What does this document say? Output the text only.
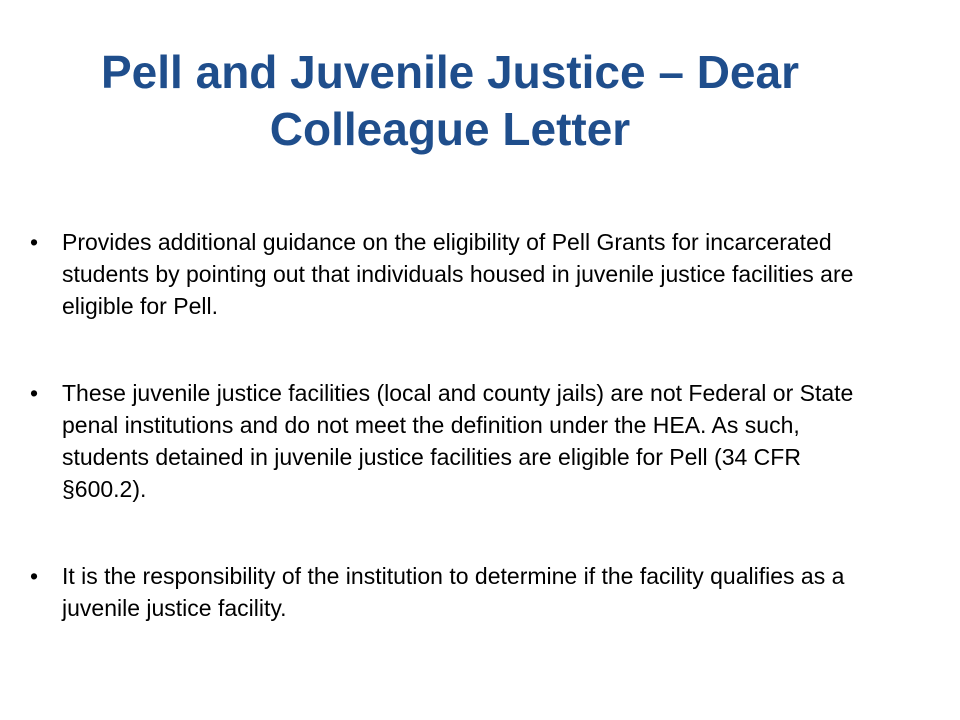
Pell and Juvenile Justice – Dear
Colleague Letter
• Provides additional guidance on the eligibility of Pell Grants for incarcerated students by pointing out that individuals housed in juvenile justice facilities are eligible for Pell.
• These juvenile justice facilities (local and county jails) are not Federal or State penal institutions and do not meet the definition under the HEA. As such, students detained in juvenile justice facilities are eligible for Pell (34 CFR §600.2).
• It is the responsibility of the institution to determine if the facility qualifies as a juvenile justice facility.
